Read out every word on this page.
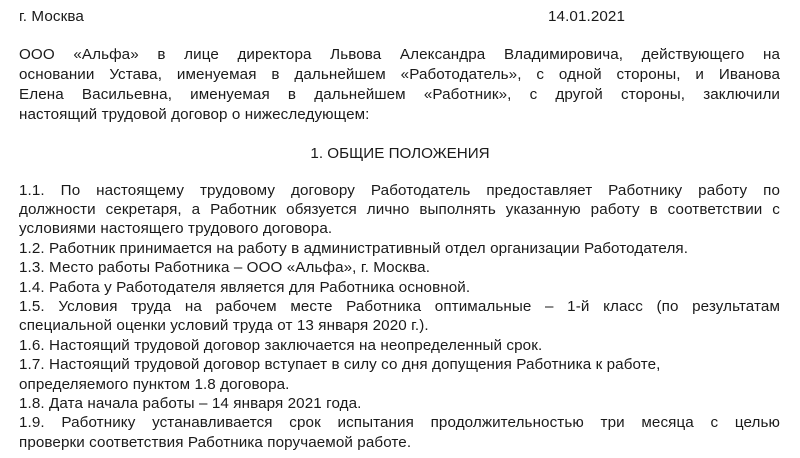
г. Москва	14.01.2021
ООО «Альфа» в лице директора Львова Александра Владимировича, действующего на
основании Устава, именуемая в дальнейшем «Работодатель», с одной стороны, и Иванова
Елена Васильевна, именуемая в дальнейшем «Работник», с другой стороны, заключили
настоящий трудовой договор о нижеследующем:
1. ОБЩИЕ ПОЛОЖЕНИЯ
1.1. По настоящему трудовому договору Работодатель предоставляет Работнику работу по
должности секретаря, а Работник обязуется лично выполнять указанную работу в соответствии с
условиями настоящего трудового договора.
1.2. Работник принимается на работу в административный отдел организации Работодателя.
1.3. Место работы Работника – ООО «Альфа», г. Москва.
1.4. Работа у Работодателя является для Работника основной.
1.5. Условия труда на рабочем месте Работника оптимальные – 1-й класс (по результатам
специальной оценки условий труда от 13 января 2020 г.).
1.6. Настоящий трудовой договор заключается на неопределенный срок.
1.7. Настоящий трудовой договор вступает в силу со дня допущения Работника к работе,
определяемого пунктом 1.8 договора.
1.8. Дата начала работы – 14 января 2021 года.
1.9. Работнику устанавливается срок испытания продолжительностью три месяца с целью
проверки соответствия Работника поручаемой работе.
